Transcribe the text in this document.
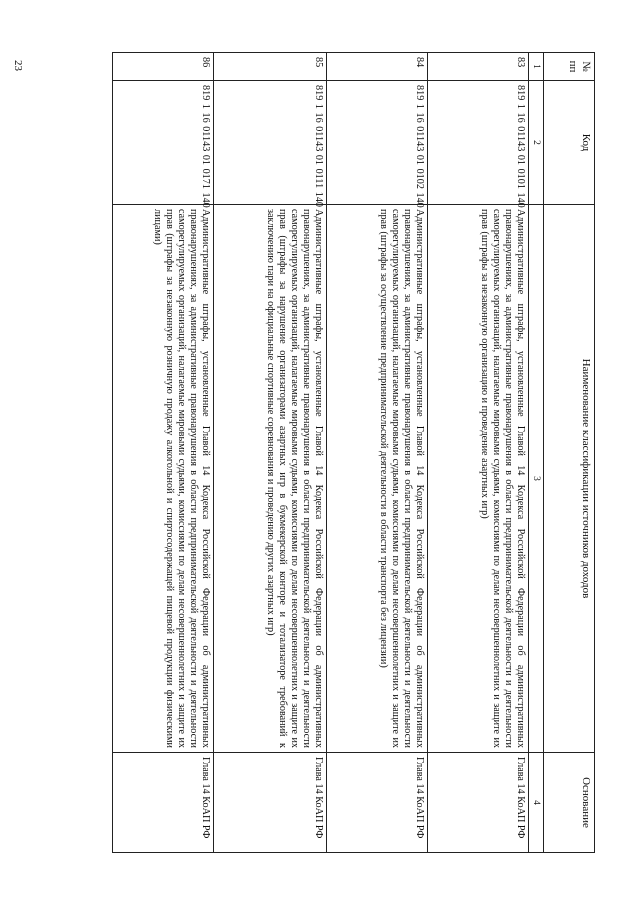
23	№ пп	Код	Наименование классификации источников доходов	Основание
1	2	3	4
83	819 1 16 01143 01 0101 140	Административные штрафы, установленные Главой 14 Кодекса Российской Федерации об административных правонарушениях, за административные правонарушения в области предпринимательской деятельности и деятельности саморегулируемых организаций, налагаемые мировыми судьями, комиссиями по делам несовершеннолетних и защите их прав (штрафы за незаконную организацию и проведение азартных игр)	Глава 14 КоАП РФ
84	819 1 16 01143 01 0102 140	Административные штрафы, установленные Главой 14 Кодекса Российской Федерации об административных правонарушениях, за административные правонарушения в области предпринимательской деятельности и деятельности саморегулируемых организаций, налагаемые мировыми судьями, комиссиями по делам несовершеннолетних и защите их прав (штрафы за осуществление предпринимательской деятельности в области транспорта без лицензии)	Глава 14 КоАП РФ
85	819 1 16 01143 01 0111 140	Административные штрафы, установленные Главой 14 Кодекса Российской Федерации об административных правонарушениях, за административные правонарушения в области предпринимательской деятельности и деятельности саморегулируемых организаций, налагаемые мировыми судьями, комиссиями по делам несовершеннолетних и защите их прав (штрафы за нарушение организаторами азартных игр в букмекерской конторе и тотализаторе требований к заключению пари на официальные спортивные соревнования и проведению других азартных игр)	Глава 14 КоАП РФ
86	819 1 16 01143 01 0171 140	Административные штрафы, установленные Главой 14 Кодекса Российской Федерации об административных правонарушениях, за административные правонарушения в области предпринимательской деятельности и деятельности саморегулируемых организаций, налагаемые мировыми судьями, комиссиями по делам несовершеннолетних и защите их прав (штрафы за незаконную розничную продажу алкогольной и спиртосодержащей пищевой продукции физическими лицами)	Глава 14 КоАП РФ
